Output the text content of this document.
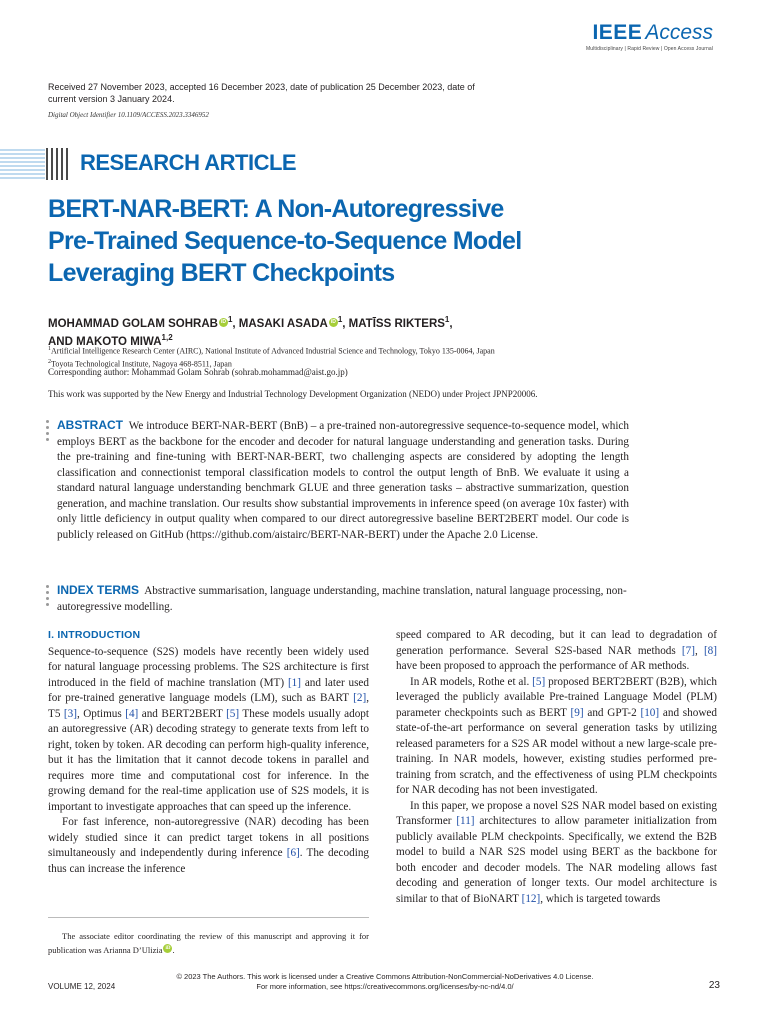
IEEE Access
Multidisciplinary | Rapid Review | Open Access Journal
Received 27 November 2023, accepted 16 December 2023, date of publication 25 December 2023, date of current version 3 January 2024.
Digital Object Identifier 10.1109/ACCESS.2023.3346952
RESEARCH ARTICLE
BERT-NAR-BERT: A Non-Autoregressive
Pre-Trained Sequence-to-Sequence Model
Leveraging BERT Checkpoints
MOHAMMAD GOLAM SOHRAB iD $^1$, MASAKI ASADA iD $^1$, MATĪSS RIKTERS$^1$,
AND MAKOTO MIWA$^{1,2}$
$^1$Artificial Intelligence Research Center (AIRC), National Institute of Advanced Industrial Science and Technology, Tokyo 135-0064, Japan
$^2$Toyota Technological Institute, Nagoya 468-8511, Japan
Corresponding author: Mohammad Golam Sohrab (sohrab.mohammad@aist.go.jp)
This work was supported by the New Energy and Industrial Technology Development Organization (NEDO) under Project JPNP20006.
ABSTRACT We introduce BERT-NAR-BERT (BnB) – a pre-trained non-autoregressive sequence-to-sequence model, which employs BERT as the backbone for the encoder and decoder for natural language understanding and generation tasks. During the pre-training and fine-tuning with BERT-NAR-BERT, two challenging aspects are considered by adopting the length classification and connectionist temporal classification models to control the output length of BnB. We evaluate it using a standard natural language understanding benchmark GLUE and three generation tasks – abstractive summarization, question generation, and machine translation. Our results show substantial improvements in inference speed (on average 10x faster) with only little deficiency in output quality when compared to our direct autoregressive baseline BERT2BERT model. Our code is publicly released on GitHub (https://github.com/aistairc/BERT-NAR-BERT) under the Apache 2.0 License.
INDEX TERMS Abstractive summarisation, language understanding, machine translation, natural language processing, non-autoregressive modelling.
I. INTRODUCTION

Sequence-to-sequence (S2S) models have recently been widely used for natural language processing problems. The S2S architecture is first introduced in the field of machine translation (MT) [1] and later used for pre-trained generative language models (LM), such as BART [2], T5 [3], Optimus [4] and BERT2BERT [5] These models usually adopt an autoregressive (AR) decoding strategy to generate texts from left to right, token by token. AR decoding can perform high-quality inference, but it has the limitation that it cannot decode tokens in parallel and requires more time and computational cost for inference. In the growing demand for the real-time application use of S2S models, it is important to investigate approaches that can speed up the inference.

For fast inference, non-autoregressive (NAR) decoding has been widely studied since it can predict target tokens in all positions simultaneously and independently during inference [6]. The decoding thus can increase the inference

The associate editor coordinating the review of this manuscript and approving it for publication was Arianna D’Ulizia iD .

speed compared to AR decoding, but it can lead to degradation of generation performance. Several S2S-based NAR methods [7], [8] have been proposed to approach the performance of AR methods.

In AR models, Rothe et al. [5] proposed BERT2BERT (B2B), which leveraged the publicly available Pre-trained Language Model (PLM) parameter checkpoints such as BERT [9] and GPT-2 [10] and showed state-of-the-art performance on several generation tasks by utilizing released parameters for a S2S AR model without a new large-scale pre-training. In NAR models, however, existing studies performed pre-training from scratch, and the effectiveness of using PLM checkpoints for NAR decoding has not been investigated.

In this paper, we propose a novel S2S NAR model based on existing Transformer [11] architectures to allow parameter initialization from publicly available PLM checkpoints. Specifically, we extend the B2B model to build a NAR S2S model using BERT as the backbone for both encoder and decoder models. The NAR modeling allows fast decoding and generation of longer texts. Our model architecture is similar to that of BioNART [12], which is targeted towards

VOLUME 12, 2024
© 2023 The Authors. This work is licensed under a Creative Commons Attribution-NonCommercial-NoDerivatives 4.0 License.
For more information, see https://creativecommons.org/licenses/by-nc-nd/4.0/	23
